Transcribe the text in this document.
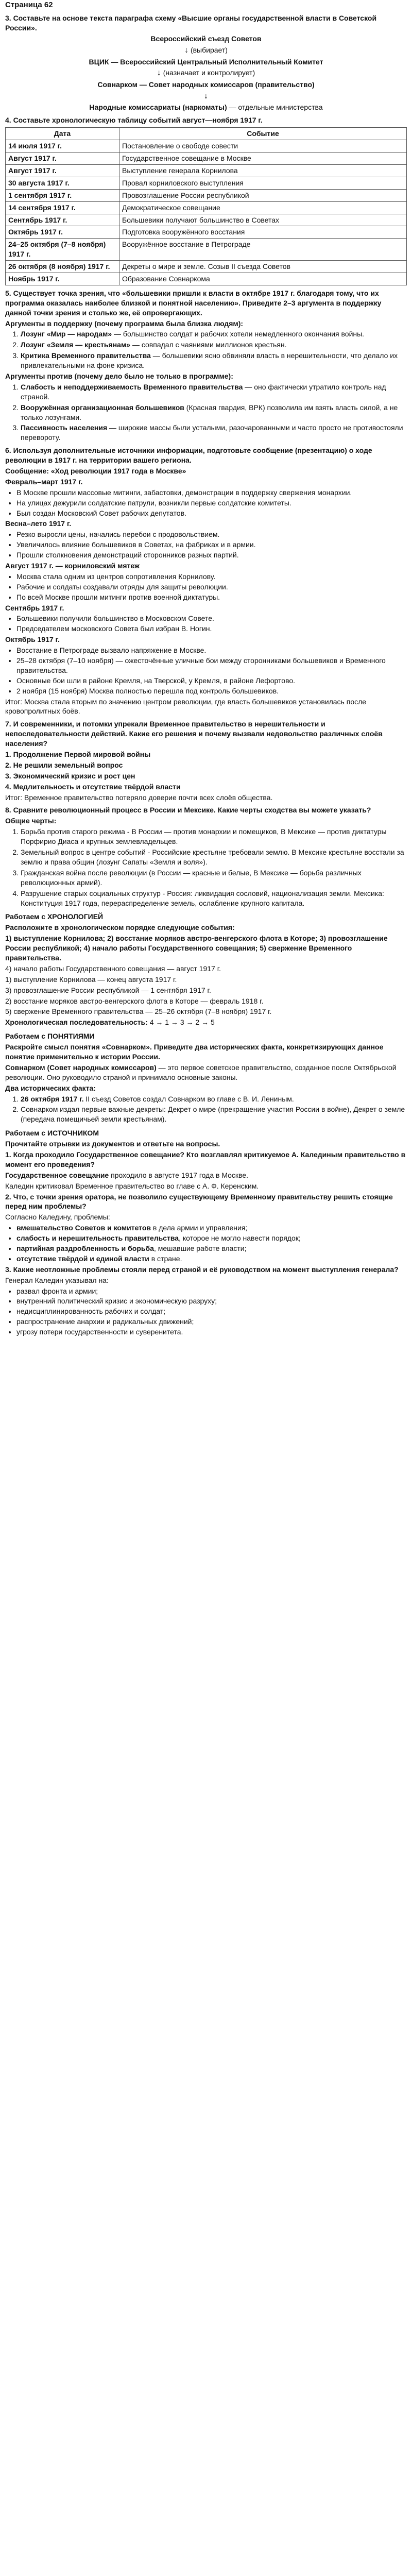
Страница 62

3. Составьте на основе текста параграфа схему «Высшие органы государственной власти в Советской России».

Всероссийский съезд Советов

↓ (выбирает)

ВЦИК — Всероссийский Центральный Исполнительный Комитет

↓ (назначает и контролирует)

Совнарком — Совет народных комиссаров (правительство)

↓

Народные комиссариаты (наркоматы) — отдельные министерства

4. Составьте хронологическую таблицу событий август—ноября 1917 г.

Дата	Событие
14 июля 1917 г.	Постановление о свободе совести
Август 1917 г.	Государственное совещание в Москве
Август 1917 г.	Выступление генерала Корнилова
30 августа 1917 г.	Провал корниловского выступления
1 сентября 1917 г.	Провозглашение России республикой
14 сентября 1917 г.	Демократическое совещание
Сентябрь 1917 г.	Большевики получают большинство в Советах
Октябрь 1917 г.	Подготовка вооружённого восстания
24–25 октября (7–8 ноября) 1917 г.	Вооружённое восстание в Петрограде
26 октября (8 ноября) 1917 г.	Декреты о мире и земле. Созыв II съезда Советов
Ноябрь 1917 г.	Образование Совнаркома

5. Существует точка зрения, что «большевики пришли к власти в октябре 1917 г. благодаря тому, что их программа оказалась наиболее близкой и понятной населению». Приведите 2–3 аргумента в поддержку данной точки зрения и столько же, её опровергающих.

Аргументы в поддержку (почему программа была близка людям):

1. Лозунг «Мир — народам» — большинство солдат и рабочих хотели немедленного окончания войны.
2. Лозунг «Земля — крестьянам» — совпадал с чаяниями миллионов крестьян.
3. Критика Временного правительства — большевики ясно обвиняли власть в нерешительности, что делало их привлекательными на фоне кризиса.

Аргументы против (почему дело было не только в программе):

1. Слабость и неподдерживаемость Временного правительства — оно фактически утратило контроль над страной.
2. Вооружённая организационная большевиков (Красная гвардия, ВРК) позволила им взять власть силой, а не только лозунгами.
3. Пассивность населения — широкие массы были усталыми, разочарованными и часто просто не противостояли перевороту.

6. Используя дополнительные источники информации, подготовьте сообщение (презентацию) о ходе революции в 1917 г. на территории вашего региона.

Сообщение: «Ход революции 1917 года в Москве»

Февраль–март 1917 г.

• В Москве прошли массовые митинги, забастовки, демонстрации в поддержку свержения монархии.
• На улицах дежурили солдатские патрули, возникли первые солдатские комитеты.
• Был создан Московский Совет рабочих депутатов.

Весна–лето 1917 г.

• Резко выросли цены, начались перебои с продовольствием.
• Увеличилось влияние большевиков в Советах, на фабриках и в армии.
• Прошли столкновения демонстраций сторонников разных партий.

Август 1917 г. — корниловский мятеж

• Москва стала одним из центров сопротивления Корнилову.
• Рабочие и солдаты создавали отряды для защиты революции.
• По всей Москве прошли митинги против военной диктатуры.

Сентябрь 1917 г.

• Большевики получили большинство в Московском Совете.
• Председателем московского Совета был избран В. Ногин.

Октябрь 1917 г.

• Восстание в Петрограде вызвало напряжение в Москве.
• 25–28 октября (7–10 ноября) — ожесточённые уличные бои между сторонниками большевиков и Временного правительства.
• Основные бои шли в районе Кремля, на Тверской, у Кремля, в районе Лефортово.
• 2 ноября (15 ноября) Москва полностью перешла под контроль большевиков.

Итог: Москва стала вторым по значению центром революции, где власть большевиков установилась после кровопролитных боёв.

7. И современники, и потомки упрекали Временное правительство в нерешительности и непоследовательности действий. Какие его решения и почему вызвали недовольство различных слоёв населения?

1. Продолжение Первой мировой войны

2. Не решили земельный вопрос

3. Экономический кризис и рост цен

4. Медлительность и отсутствие твёрдой власти

Итог: Временное правительство потеряло доверие почти всех слоёв общества.

8. Сравните революционный процесс в России и Мексике. Какие черты сходства вы можете указать?

Общие черты:

1. Борьба против старого режима - В России — против монархии и помещиков, В Мексике — против диктатуры Порфирио Диаса и крупных землевладельцев.
2. Земельный вопрос в центре событий - Российские крестьяне требовали землю. В Мексике крестьяне восстали за землю и права общин (лозунг Сапаты «Земля и воля»).
3. Гражданская война после революции (в России — красные и белые, В Мексике — борьба различных революционных армий).
4. Разрушение старых социальных структур - Россия: ликвидация сословий, национализация земли. Мексика: Конституция 1917 года, перераспределение земель, ослабление крупного капитала.

Работаем с ХРОНОЛОГИЕЙ

Расположите в хронологическом порядке следующие события:

1) выступление Корнилова; 2) восстание моряков австро-венгерского флота в Которе; 3) провозглашение России республикой; 4) начало работы Государственного совещания; 5) свержение Временного правительства.

4) начало работы Государственного совещания — август 1917 г.

1) выступление Корнилова — конец августа 1917 г.

3) провозглашение России республикой — 1 сентября 1917 г.

2) восстание моряков австро-венгерского флота в Которе — февраль 1918 г.

5) свержение Временного правительства — 25–26 октября (7–8 ноября) 1917 г.

Хронологическая последовательность: 4 → 1 → 3 → 2 → 5

Работаем с ПОНЯТИЯМИ

Раскройте смысл понятия «Совнарком». Приведите два исторических факта, конкретизирующих данное понятие применительно к истории России.

Совнарком (Совет народных комиссаров) — это первое советское правительство, созданное после Октябрьской революции. Оно руководило страной и принимало основные законы.

Два исторических факта:

1. 26 октября 1917 г. II съезд Советов создал Совнарком во главе с В. И. Лениным.
2. Совнарком издал первые важные декреты: Декрет о мире (прекращение участия России в войне), Декрет о земле (передача помещичьей земли крестьянам).

Работаем с ИСТОЧНИКОМ

Прочитайте отрывки из документов и ответьте на вопросы.

1. Когда проходило Государственное совещание? Кто возглавлял критикуемое А. Калединым правительство в момент его проведения?

Государственное совещание проходило в августе 1917 года в Москве.

Каледин критиковал Временное правительство во главе с А. Ф. Керенским.

2. Что, с точки зрения оратора, не позволило существующему Временному правительству решить стоящие перед ним проблемы?

Согласно Каледину, проблемы:

• вмешательство Советов и комитетов в дела армии и управления;
• слабость и нерешительность правительства, которое не могло навести порядок;
• партийная раздробленность и борьба, мешавшие работе власти;
• отсутствие твёрдой и единой власти в стране.

3. Какие неотложные проблемы стояли перед страной и её руководством на момент выступления генерала?

Генерал Каледин указывал на:

• развал фронта и армии;
• внутренний политический кризис и экономическую разруху;
• недисциплинированность рабочих и солдат;
• распространение анархии и радикальных движений;
• угрозу потери государственности и суверенитета.
